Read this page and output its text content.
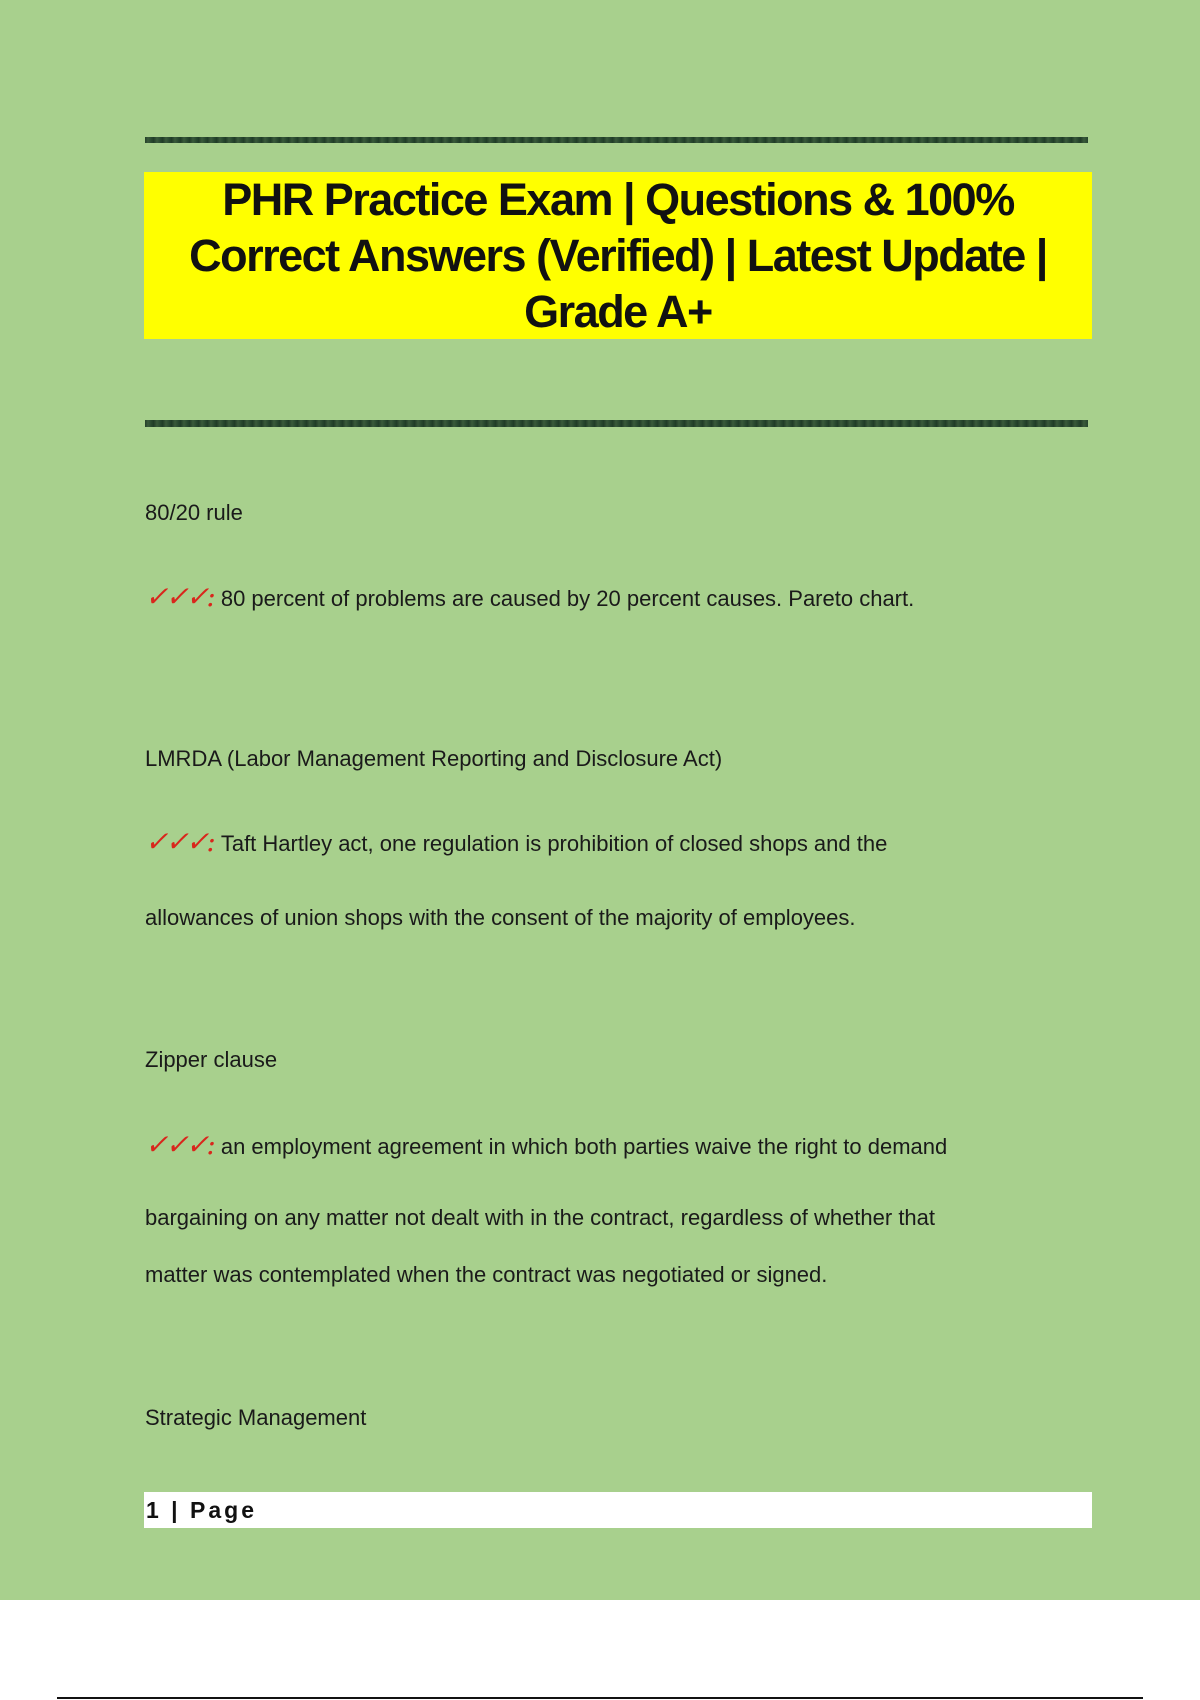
PHR Practice Exam | Questions & 100% Correct Answers (Verified) | Latest Update | Grade A+
80/20 rule
✓✓✓: 80 percent of problems are caused by 20 percent causes. Pareto chart.
LMRDA (Labor Management Reporting and Disclosure Act)
✓✓✓: Taft Hartley act, one regulation is prohibition of closed shops and the
allowances of union shops with the consent of the majority of employees.
Zipper clause
✓✓✓: an employment agreement in which both parties waive the right to demand
bargaining on any matter not dealt with in the contract, regardless of whether that
matter was contemplated when the contract was negotiated or signed.
Strategic Management
1 | Page
